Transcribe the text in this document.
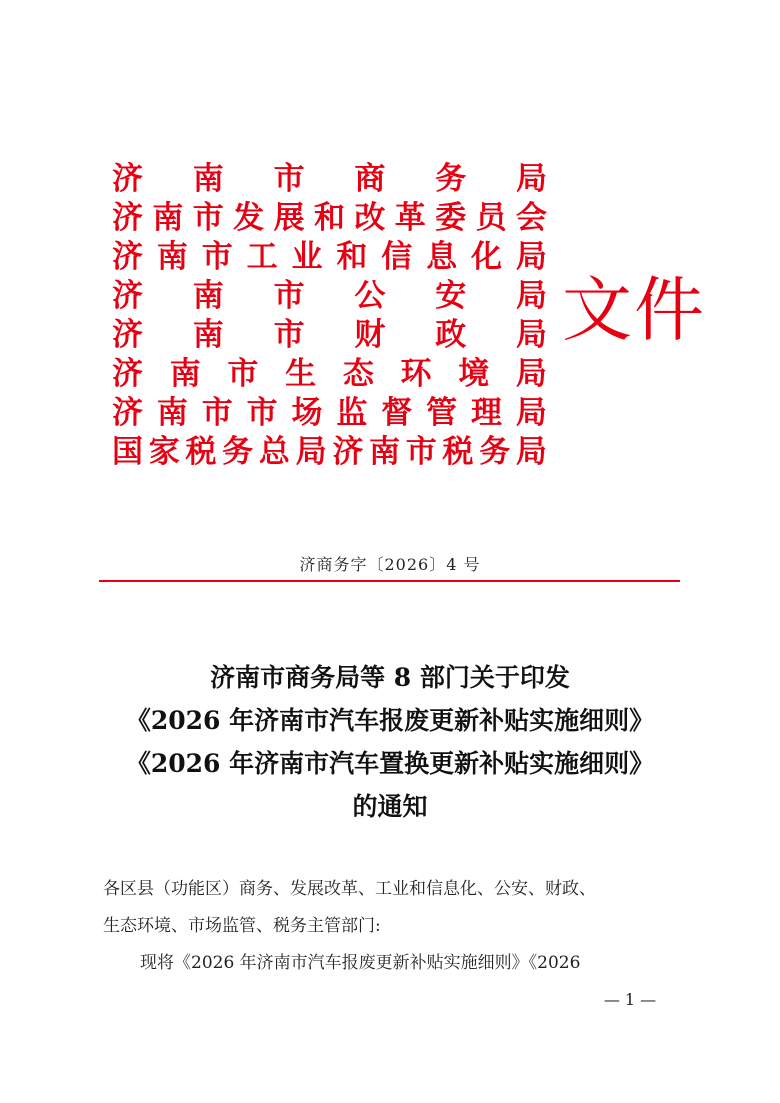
济 南 市 商 务 局
济 南 市 发 展 和 改 革 委 员 会
济 南 市 工 业 和 信 息 化 局
济 南 市 公 安 局
济 南 市 财 政 局
济 南 市 生 态 环 境 局
济 南 市 市 场 监 督 管 理 局
国 家 税 务 总 局 济 南 市 税 务 局
文件
济商务字〔2026〕4 号
济南市商务局等 8 部门关于印发
《2026 年济南市汽车报废更新补贴实施细则》
《2026 年济南市汽车置换更新补贴实施细则》
的通知

各区县（功能区）商务、发展改革、工业和信息化、公安、财政、

生态环境、市场监管、税务主管部门:

现将《2026 年济南市汽车报废更新补贴实施细则》《2026

— 1 —
